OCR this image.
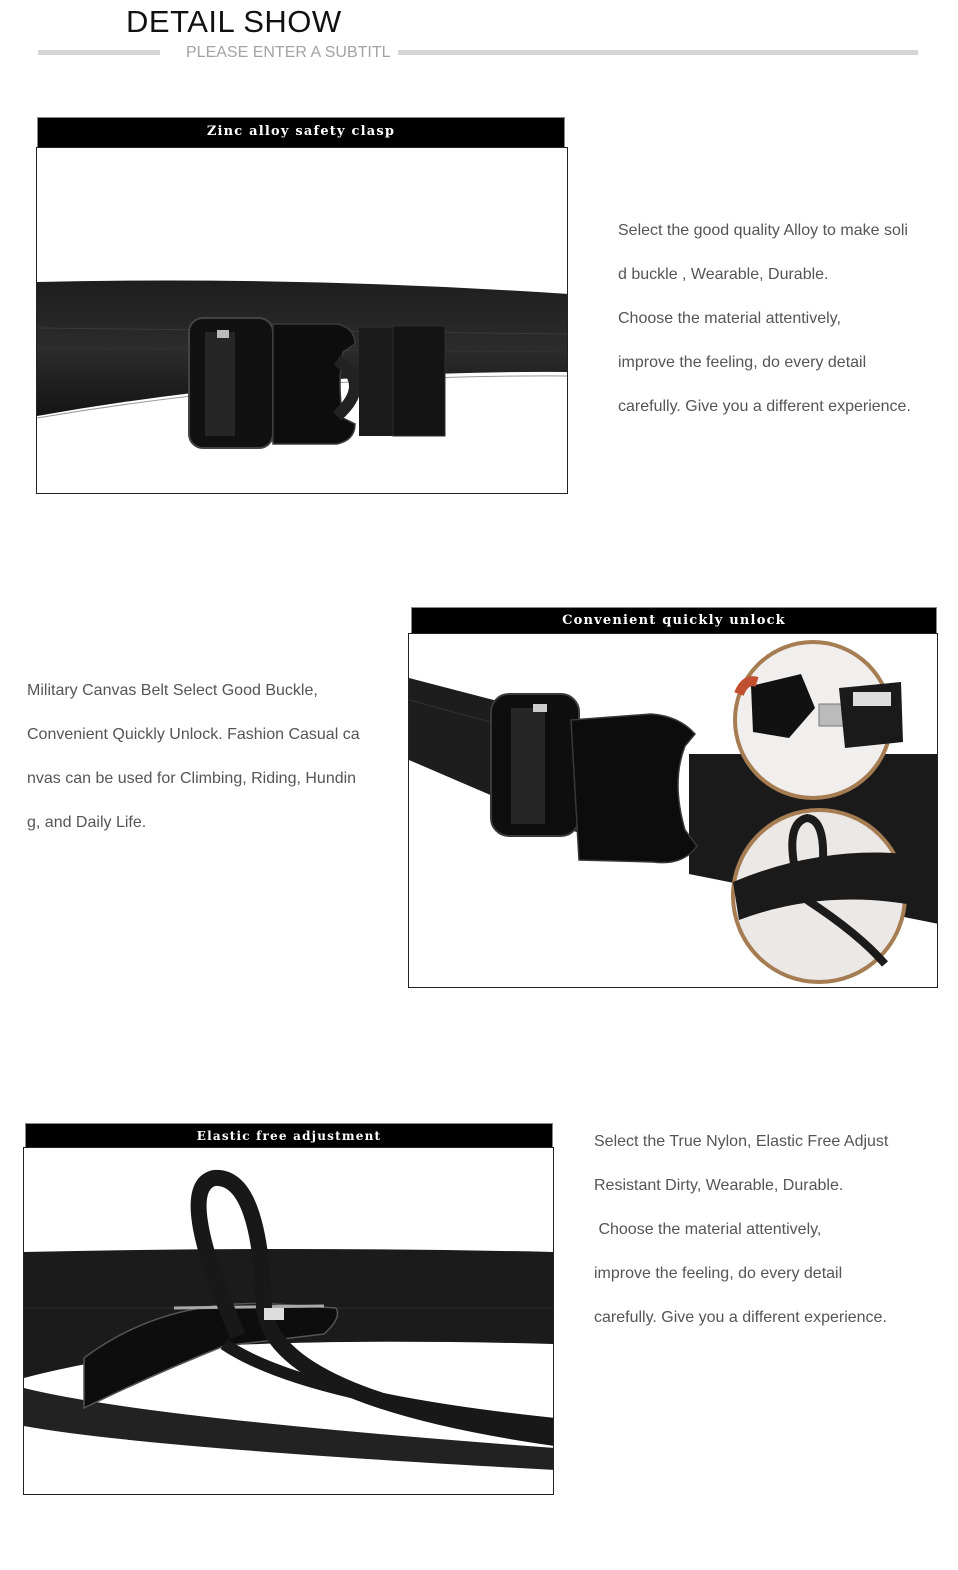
DETAIL SHOW
PLEASE ENTER A SUBTITL
Zinc alloy safety clasp
Select the good quality Alloy to make soli
d buckle , Wearable, Durable.
Choose the material attentively,
improve the feeling, do every detail
carefully. Give you a different experience.
Military Canvas Belt Select Good Buckle,
Convenient Quickly Unlock. Fashion Casual ca
nvas can be used for Climbing, Riding, Hundin
g, and Daily Life.
Convenient quickly unlock
Elastic free adjustment	Select the True Nylon, Elastic Free Adjust
Resistant Dirty, Wearable, Durable.
Choose the material attentively,
improve the feeling, do every detail
carefully. Give you a different experience.
